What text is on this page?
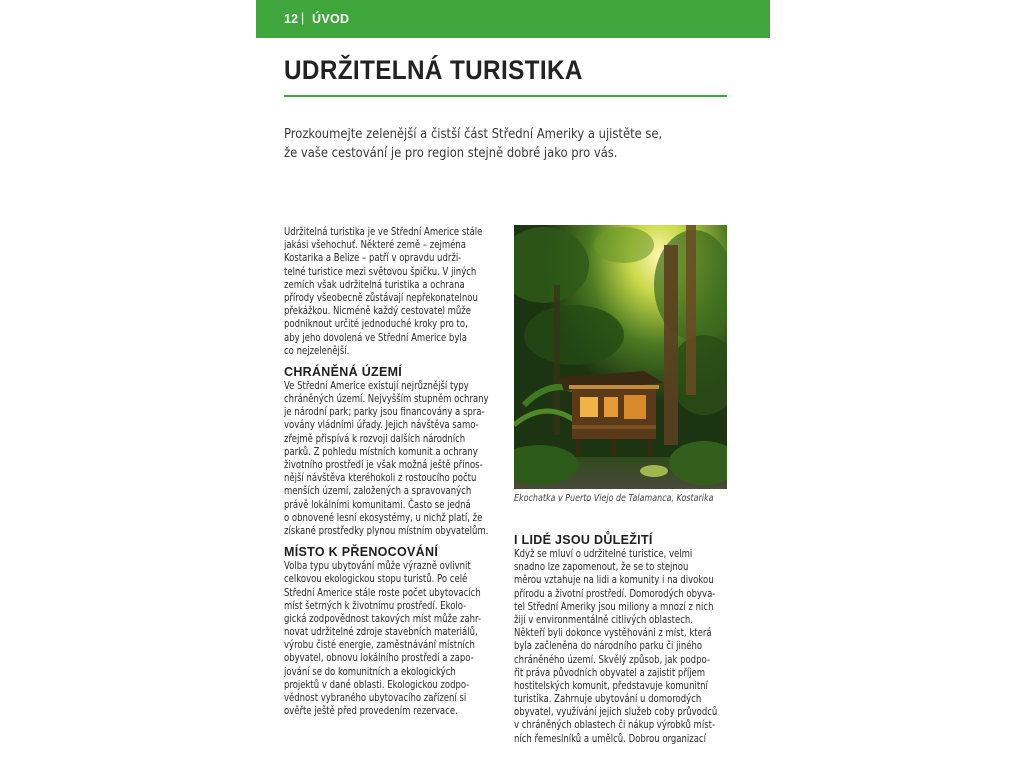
12 | ÚVOD
UDRŽITELNÁ TURISTIKA
Prozkoumejte zelenější a čistší část Střední Ameriky a ujistěte se,
že vaše cestování je pro region stejně dobré jako pro vás.
Udržitelná turistika je ve Střední Americe stále
jakási všehochuť. Některé země – zejména
Kostarika a Belize – patří v opravdu udrži-
telné turistice mezi světovou špičku. V jiných
zemích však udržitelná turistika a ochrana
přírody všeobecně zůstávají nepřekonatelnou
překážkou. Nicméně každý cestovatel může
podniknout určité jednoduché kroky pro to,
aby jeho dovolená ve Střední Americe byla
co nejzelenější.
CHRÁNĚNÁ ÚZEMÍ
Ve Střední Americe existují nejrůznější typy
chráněných území. Nejvyšším stupněm ochrany
je národní park; parky jsou financovány a spra-
vovány vládními úřady. Jejich návštěva samo-
zřejmě přispívá k rozvoji dalších národních
parků. Z pohledu místních komunit a ochrany
životního prostředí je však možná ještě přínos-
nější návštěva kteréhokoli z rostoucího počtu
menších území, založených a spravovaných
právě lokálními komunitami. Často se jedná
o obnovené lesní ekosystémy, u nichž platí, že
získané prostředky plynou místním obyvatelům.
MÍSTO K PŘENOCOVÁNÍ
Volba typu ubytování může výrazně ovlivnit
celkovou ekologickou stopu turistů. Po celé
Střední Americe stále roste počet ubytovacích
míst šetrných k životnímu prostředí. Ekolo-
gická zodpovědnost takových míst může zahr-
novat udržitelné zdroje stavebních materiálů,
výrobu čisté energie, zaměstnávání místních
obyvatel, obnovu lokálního prostředí a zapo-
jování se do komunitních a ekologických
projektů v dané oblasti. Ekologickou zodpo-
vědnost vybraného ubytovacího zařízení si
ověřte ještě před provedením rezervace.
Ekochatka v Puerto Viejo de Talamanca, Kostarika
I LIDÉ JSOU DŮLEŽITÍ
Když se mluví o udržitelné turistice, velmi
snadno lze zapomenout, že se to stejnou
měrou vztahuje na lidi a komunity i na divokou
přírodu a životní prostředí. Domorodých obyva-
tel Střední Ameriky jsou miliony a mnozí z nich
žijí v environmentálně citlivých oblastech.
Někteří byli dokonce vystěhováni z míst, která
byla začleněna do národního parku či jiného
chráněného území. Skvělý způsob, jak podpo-
řit práva původních obyvatel a zajistit příjem
hostitelských komunit, představuje komunitní
turistika. Zahrnuje ubytování u domorodých
obyvatel, využívání jejich služeb coby průvodců
v chráněných oblastech či nákup výrobků míst-
ních řemeslníků a umělců. Dobrou organizací
